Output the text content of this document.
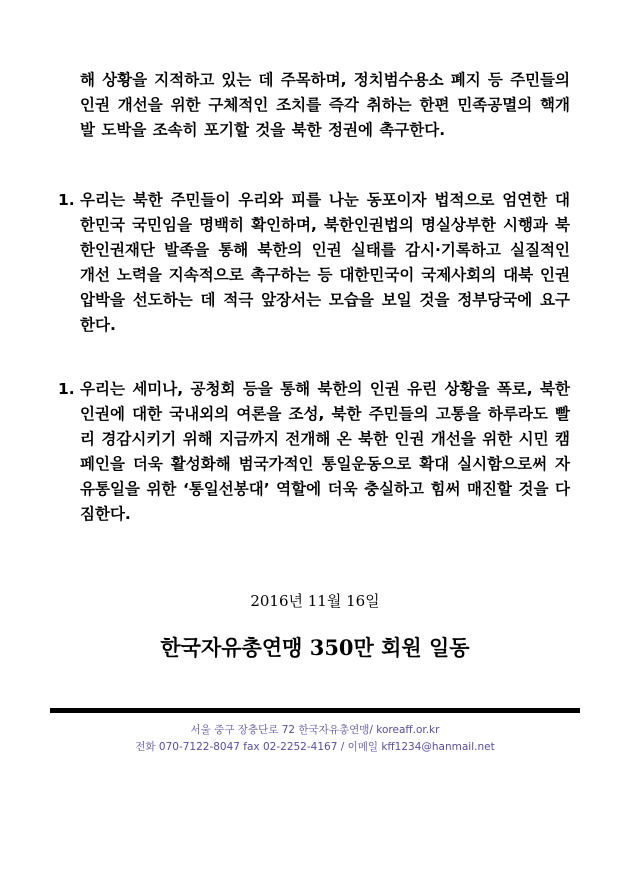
해 상황을 지적하고 있는 데 주목하며, 정치범수용소 폐지 등 주민들의 인권 개선을 위한 구체적인 조치를 즉각 취하는 한편 민족공멸의 핵개발 도박을 조속히 포기할 것을 북한 정권에 촉구한다.

1. 우리는 북한 주민들이 우리와 피를 나눈 동포이자 법적으로 엄연한 대한민국 국민임을 명백히 확인하며, 북한인권법의 명실상부한 시행과 북한인권재단 발족을 통해 북한의 인권 실태를 감시·기록하고 실질적인 개선 노력을 지속적으로 촉구하는 등 대한민국이 국제사회의 대북 인권 압박을 선도하는 데 적극 앞장서는 모습을 보일 것을 정부당국에 요구한다.
1. 우리는 세미나, 공청회 등을 통해 북한의 인권 유린 상황을 폭로, 북한 인권에 대한 국내외의 여론을 조성, 북한 주민들의 고통을 하루라도 빨리 경감시키기 위해 지금까지 전개해 온 북한 인권 개선을 위한 시민 캠페인을 더욱 활성화해 범국가적인 통일운동으로 확대 실시함으로써 자유통일을 위한 ‘통일선봉대’ 역할에 더욱 충실하고 힘써 매진할 것을 다짐한다.
2016년 11월 16일
한국자유총연맹 350만 회원 일동
서울 중구 장충단로 72 한국자유총연맹/ koreaff.or.kr
전화 070-7122-8047 fax 02-2252-4167 / 이메일 kff1234@hanmail.net
